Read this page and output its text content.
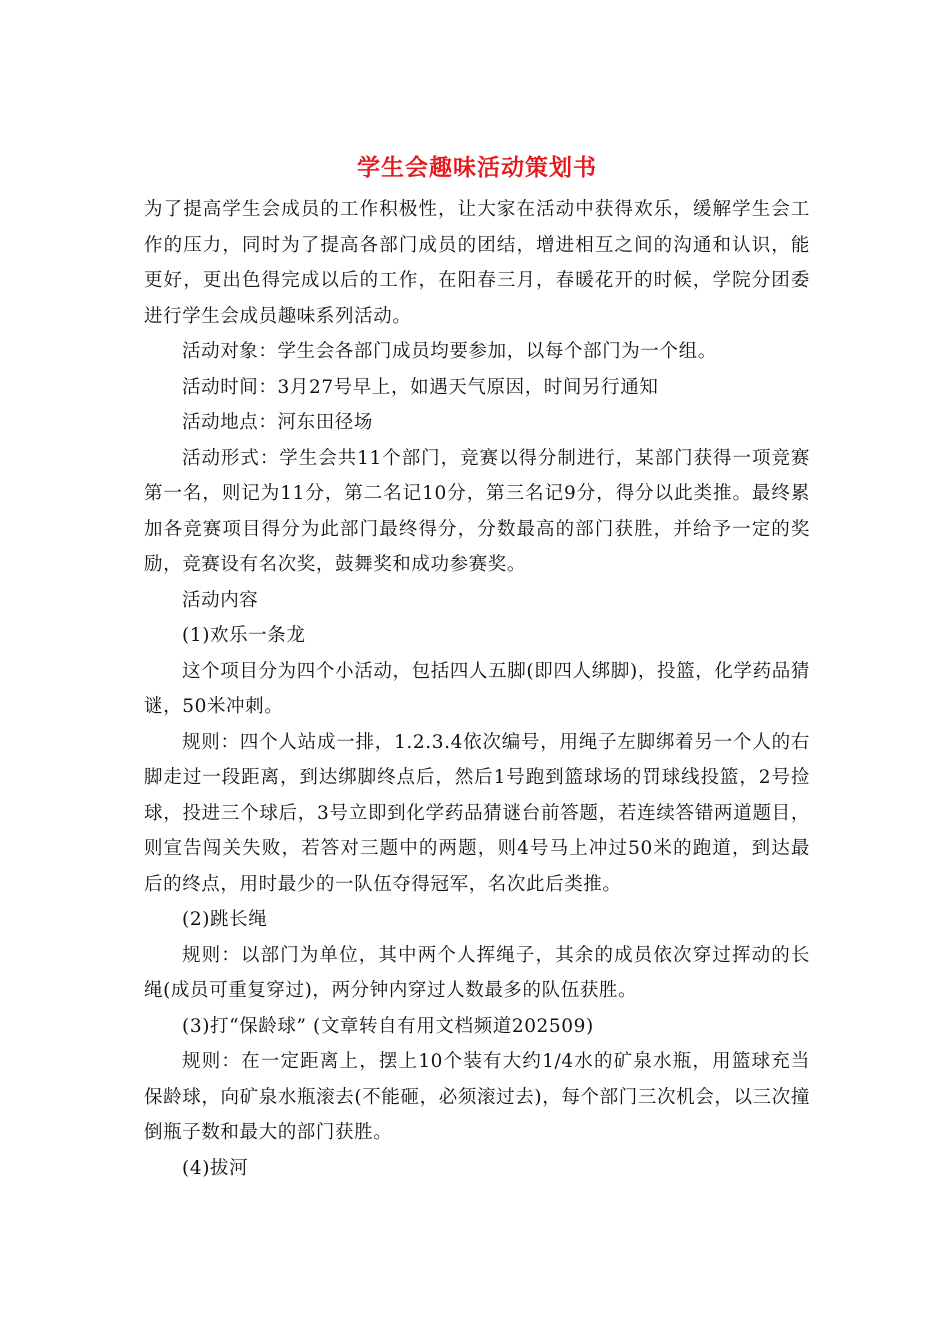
学生会趣味活动策划书

为了提高学生会成员的工作积极性，让大家在活动中获得欢乐，缓解学生会工作的压力，同时为了提高各部门成员的团结，增进相互之间的沟通和认识，能更好，更出色得完成以后的工作，在阳春三月，春暖花开的时候，学院分团委进行学生会成员趣味系列活动。

活动对象：学生会各部门成员均要参加，以每个部门为一个组。

活动时间：3月27号早上，如遇天气原因，时间另行通知

活动地点：河东田径场

活动形式：学生会共11个部门，竞赛以得分制进行，某部门获得一项竞赛第一名，则记为11分，第二名记10分，第三名记9分，得分以此类推。最终累加各竞赛项目得分为此部门最终得分，分数最高的部门获胜，并给予一定的奖励，竞赛设有名次奖，鼓舞奖和成功参赛奖。

活动内容

(1)欢乐一条龙

这个项目分为四个小活动，包括四人五脚(即四人绑脚)，投篮，化学药品猜谜，50米冲刺。

规则：四个人站成一排，1.2.3.4依次编号，用绳子左脚绑着另一个人的右脚走过一段距离，到达绑脚终点后，然后1号跑到篮球场的罚球线投篮，2号捡球，投进三个球后，3号立即到化学药品猜谜台前答题，若连续答错两道题目，则宣告闯关失败，若答对三题中的两题，则4号马上冲过50米的跑道，到达最后的终点，用时最少的一队伍夺得冠军，名次此后类推。

(2)跳长绳

规则：以部门为单位，其中两个人挥绳子，其余的成员依次穿过挥动的长绳(成员可重复穿过)，两分钟内穿过人数最多的队伍获胜。

(3)打“保龄球” (文章转自有用文档频道202509)

规则：在一定距离上，摆上10个装有大约1/4水的矿泉水瓶，用篮球充当保龄球，向矿泉水瓶滚去(不能砸，必须滚过去)，每个部门三次机会，以三次撞倒瓶子数和最大的部门获胜。

(4)拔河
